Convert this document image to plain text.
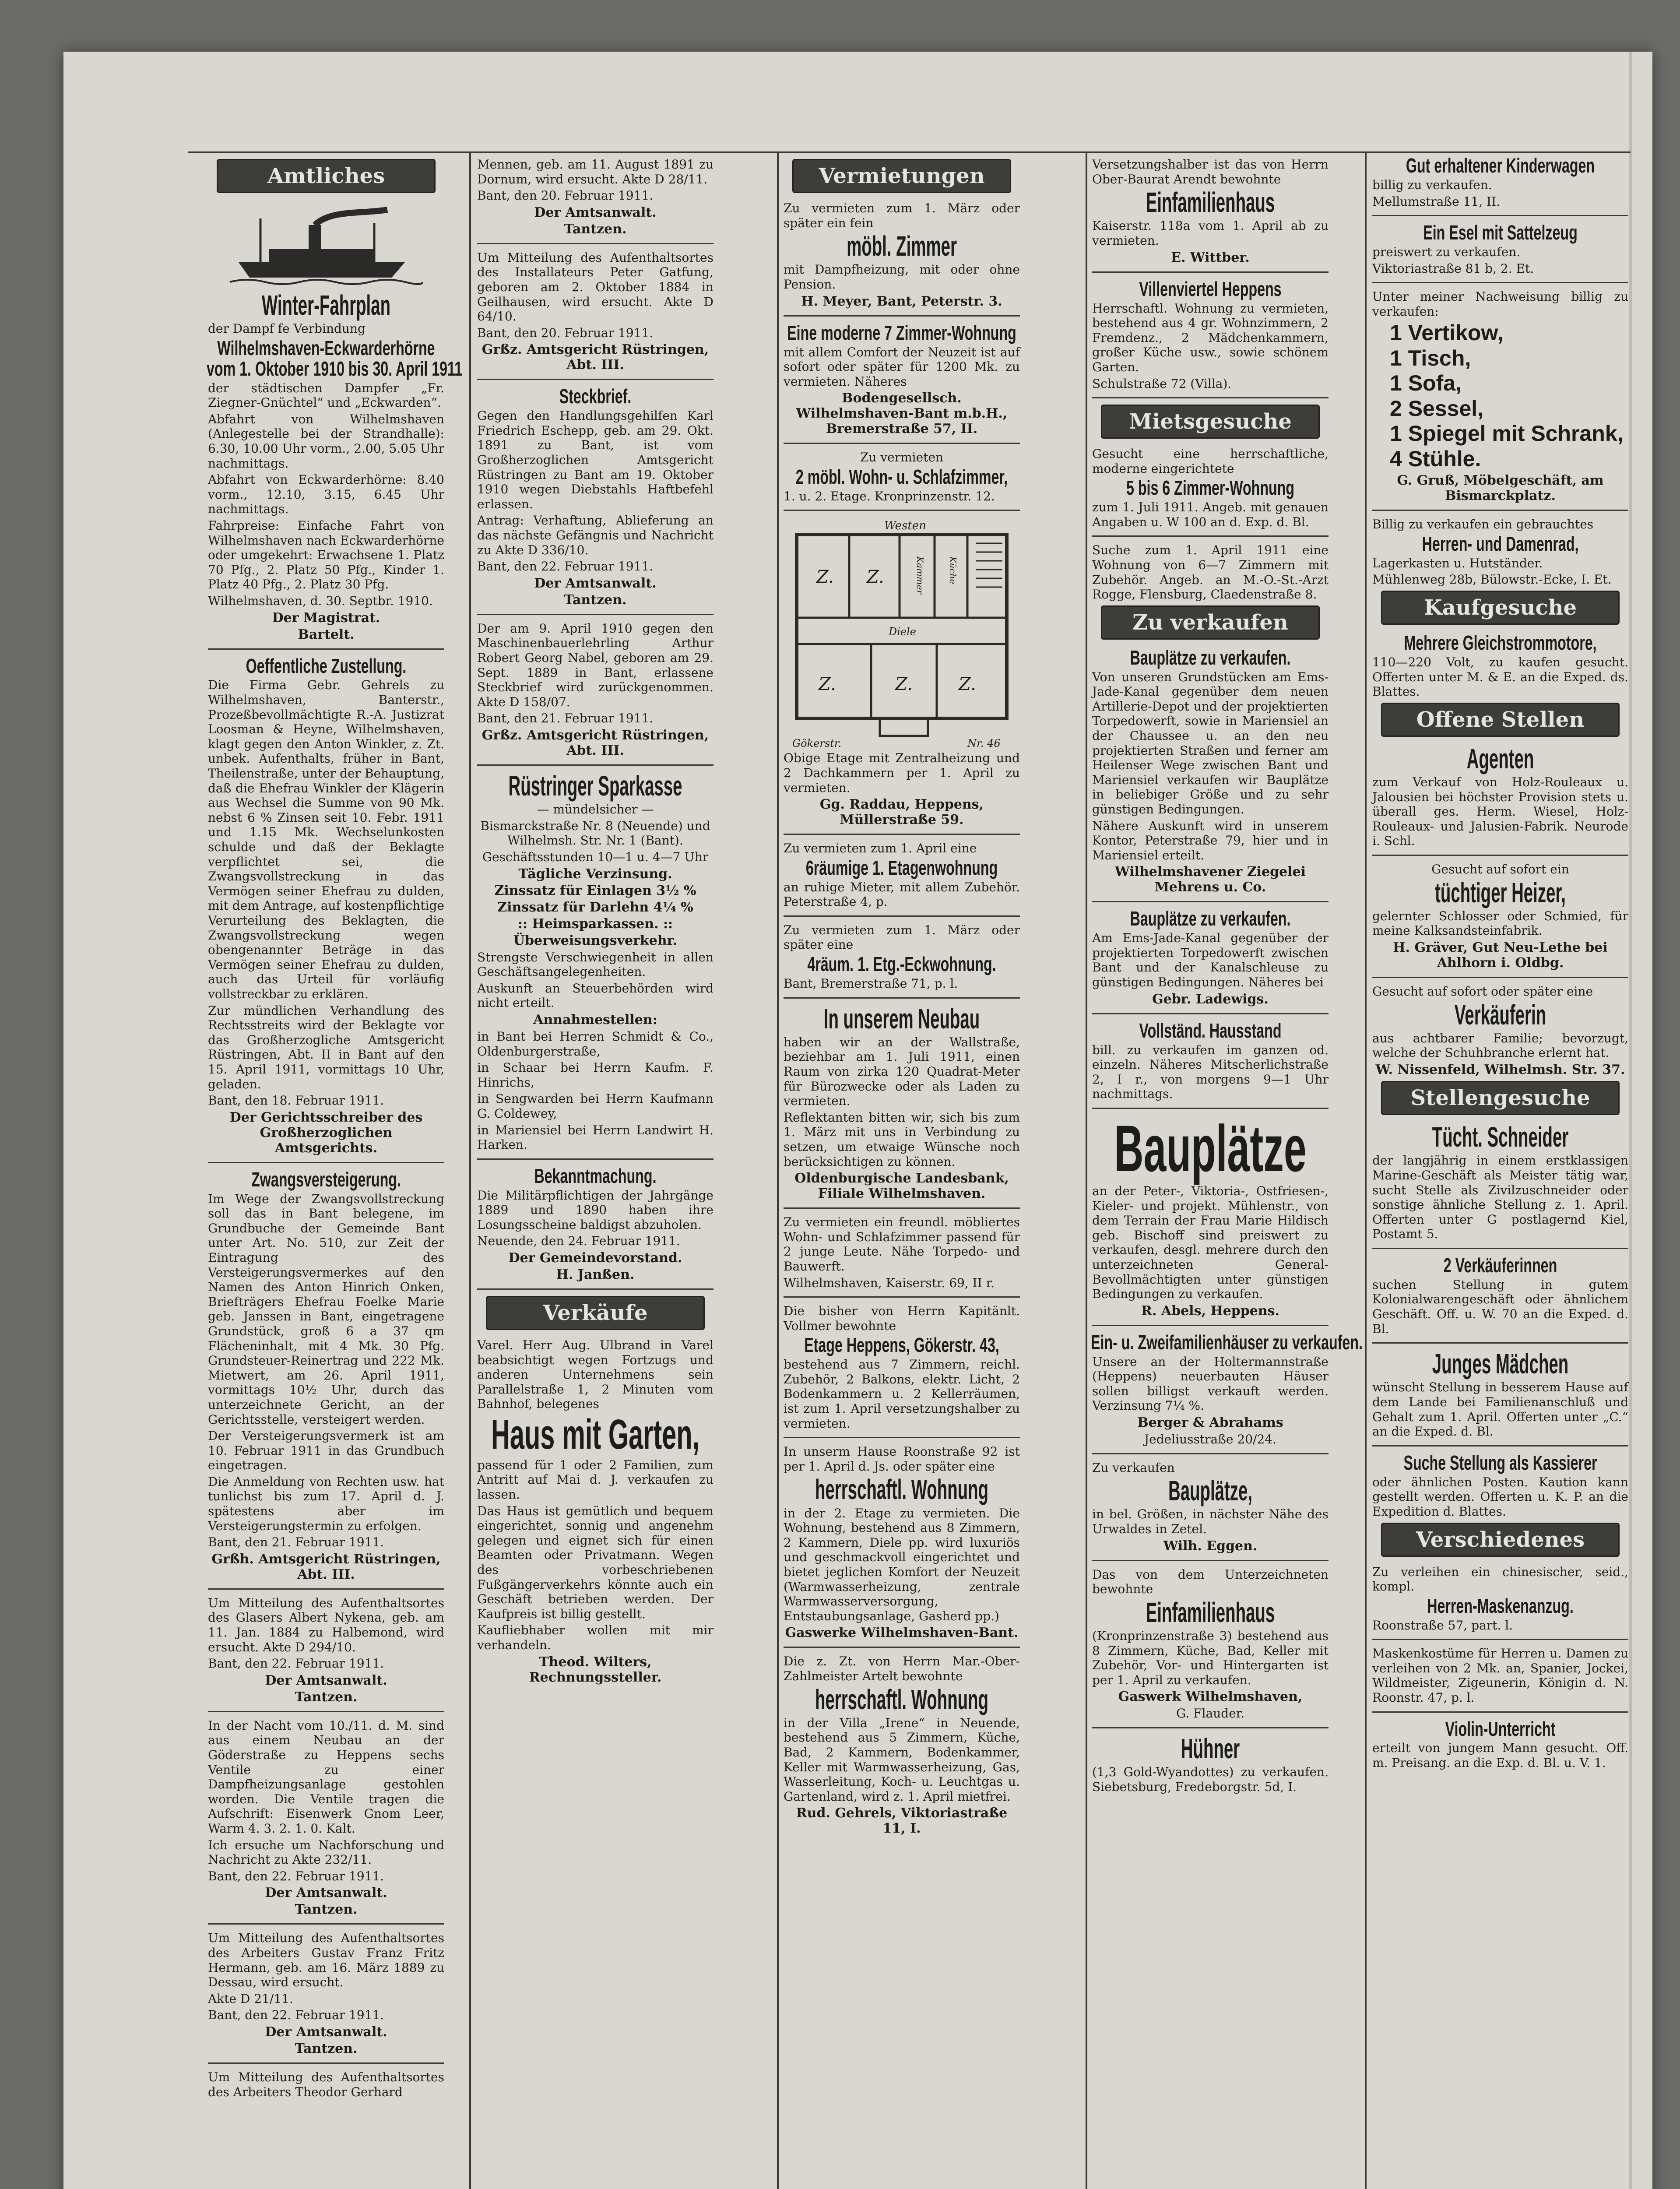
Amtliches
Winter-Fahrplan
der Dampf fe Verbindung
Wilhelmshaven-Eckwarderhörne
vom 1. Oktober 1910 bis 30. April 1911
der städtischen Dampfer „Fr. Ziegner-Gnüchtel“ und „Eckwarden“.
Abfahrt von Wilhelmshaven (Anlegestelle bei der Strandhalle): 6.30, 10.00 Uhr vorm., 2.00, 5.05 Uhr nachmittags.
Abfahrt von Eckwarderhörne: 8.40 vorm., 12.10, 3.15, 6.45 Uhr nachmittags.
Fahrpreise: Einfache Fahrt von Wilhelmshaven nach Eckwarderhörne oder umgekehrt: Erwachsene 1. Platz 70 Pfg., 2. Platz 50 Pfg., Kinder 1. Platz 40 Pfg., 2. Platz 30 Pfg.
Wilhelmshaven, d. 30. Septbr. 1910.
Der Magistrat.
Bartelt.
Oeffentliche Zustellung.
Die Firma Gebr. Gehrels zu Wilhelmshaven, Banterstr., Prozeßbevollmächtigte R.-A. Justizrat Loosman & Heyne, Wilhelmshaven, klagt gegen den Anton Winkler, z. Zt. unbek. Aufenthalts, früher in Bant, Theilenstraße, unter der Behauptung, daß die Ehefrau Winkler der Klägerin aus Wechsel die Summe von 90 Mk. nebst 6 % Zinsen seit 10. Febr. 1911 und 1.15 Mk. Wechselunkosten schulde und daß der Beklagte verpflichtet sei, die Zwangsvollstreckung in das Vermögen seiner Ehefrau zu dulden, mit dem Antrage, auf kostenpflichtige Verurteilung des Beklagten, die Zwangsvollstreckung wegen obengenannter Beträge in das Vermögen seiner Ehefrau zu dulden, auch das Urteil für vorläufig vollstreckbar zu erklären.
Zur mündlichen Verhandlung des Rechtsstreits wird der Beklagte vor das Großherzogliche Amtsgericht Rüstringen, Abt. II in Bant auf den 15. April 1911, vormittags 10 Uhr, geladen.
Bant, den 18. Februar 1911.
Der Gerichtsschreiber des Großherzoglichen Amtsgerichts.
Zwangsversteigerung.
Im Wege der Zwangsvollstreckung soll das in Bant belegene, im Grundbuche der Gemeinde Bant unter Art. No. 510, zur Zeit der Eintragung des Versteigerungsvermerkes auf den Namen des Anton Hinrich Onken, Briefträgers Ehefrau Foelke Marie geb. Janssen in Bant, eingetragene Grundstück, groß 6 a 37 qm Flächeninhalt, mit 4 Mk. 30 Pfg. Grundsteuer-Reinertrag und 222 Mk. Mietwert, am 26. April 1911, vormittags 10½ Uhr, durch das unterzeichnete Gericht, an der Gerichtsstelle, versteigert werden.
Der Versteigerungsvermerk ist am 10. Februar 1911 in das Grundbuch eingetragen.
Die Anmeldung von Rechten usw. hat tunlichst bis zum 17. April d. J. spätestens aber im Versteigerungstermin zu erfolgen.
Bant, den 21. Februar 1911.
Grßh. Amtsgericht Rüstringen, Abt. III.
Um Mitteilung des Aufenthaltsortes des Glasers Albert Nykena, geb. am 11. Jan. 1884 zu Halbemond, wird ersucht. Akte D 294/10.
Bant, den 22. Februar 1911.
Der Amtsanwalt.
Tantzen.
In der Nacht vom 10./11. d. M. sind aus einem Neubau an der Göderstraße zu Heppens sechs Ventile zu einer Dampfheizungsanlage gestohlen worden. Die Ventile tragen die Aufschrift: Eisenwerk Gnom Leer, Warm 4. 3. 2. 1. 0. Kalt.
Ich ersuche um Nachforschung und Nachricht zu Akte 232/11.
Bant, den 22. Februar 1911.
Der Amtsanwalt.
Tantzen.
Um Mitteilung des Aufenthaltsortes des Arbeiters Gustav Franz Fritz Hermann, geb. am 16. März 1889 zu Dessau, wird ersucht.
Akte D 21/11.
Bant, den 22. Februar 1911.
Der Amtsanwalt.
Tantzen.
Um Mitteilung des Aufenthaltsortes des Arbeiters Theodor Gerhard
Mennen, geb. am 11. August 1891 zu Dornum, wird ersucht. Akte D 28/11.
Bant, den 20. Februar 1911.
Der Amtsanwalt.
Tantzen.
Um Mitteilung des Aufenthaltsortes des Installateurs Peter Gatfung, geboren am 2. Oktober 1884 in Geilhausen, wird ersucht. Akte D 64/10.
Bant, den 20. Februar 1911.
Grßz. Amtsgericht Rüstringen, Abt. III.
Steckbrief.
Gegen den Handlungsgehilfen Karl Friedrich Eschepp, geb. am 29. Okt. 1891 zu Bant, ist vom Großherzoglichen Amtsgericht Rüstringen zu Bant am 19. Oktober 1910 wegen Diebstahls Haftbefehl erlassen.
Antrag: Verhaftung, Ablieferung an das nächste Gefängnis und Nachricht zu Akte D 336/10.
Bant, den 22. Februar 1911.
Der Amtsanwalt.
Tantzen.
Der am 9. April 1910 gegen den Maschinenbauerlehrling Arthur Robert Georg Nabel, geboren am 29. Sept. 1889 in Bant, erlassene Steckbrief wird zurückgenommen. Akte D 158/07.
Bant, den 21. Februar 1911.
Grßz. Amtsgericht Rüstringen, Abt. III.
Rüstringer Sparkasse
— mündelsicher —
Bismarckstraße Nr. 8 (Neuende) und Wilhelmsh. Str. Nr. 1 (Bant).
Geschäftsstunden 10—1 u. 4—7 Uhr
Tägliche Verzinsung.
Zinssatz für Einlagen 3½ %
Zinssatz für Darlehn 4¼ %
:: Heimsparkassen. ::
Überweisungsverkehr.
Strengste Verschwiegenheit in allen Geschäftsangelegenheiten.
Auskunft an Steuerbehörden wird nicht erteilt.
Annahmestellen:
in Bant bei Herren Schmidt & Co., Oldenburgerstraße,
in Schaar bei Herrn Kaufm. F. Hinrichs,
in Sengwarden bei Herrn Kaufmann G. Coldewey,
in Mariensiel bei Herrn Landwirt H. Harken.
Bekanntmachung.
Die Militärpflichtigen der Jahrgänge 1889 und 1890 haben ihre Losungsscheine baldigst abzuholen.
Neuende, den 24. Februar 1911.
Der Gemeindevorstand.
H. Janßen.
Verkäufe
Varel. Herr Aug. Ulbrand in Varel beabsichtigt wegen Fortzugs und anderen Unternehmens sein Parallelstraße 1, 2 Minuten vom Bahnhof, belegenes
Haus mit Garten,
passend für 1 oder 2 Familien, zum Antritt auf Mai d. J. verkaufen zu lassen.
Das Haus ist gemütlich und bequem eingerichtet, sonnig und angenehm gelegen und eignet sich für einen Beamten oder Privatmann. Wegen des vorbeschriebenen Fußgängerverkehrs könnte auch ein Geschäft betrieben werden. Der Kaufpreis ist billig gestellt.
Kaufliebhaber wollen mit mir verhandeln.
Theod. Wilters, Rechnungssteller.
Vermietungen
Zu vermieten zum 1. März oder später ein fein
möbl. Zimmer
mit Dampfheizung, mit oder ohne Pension.
H. Meyer, Bant, Peterstr. 3.
Eine moderne 7 Zimmer-Wohnung
mit allem Comfort der Neuzeit ist auf sofort oder später für 1200 Mk. zu vermieten. Näheres
Bodengesellsch. Wilhelmshaven-Bant m.b.H., Bremerstraße 57, II.
Zu vermieten
2 möbl. Wohn- u. Schlafzimmer,
1. u. 2. Etage. Kronprinzenstr. 12.
Z. Z.
Z.	Z.	Z.
Westen
Kammer	Küche
Diele
Gökerstr.	Nr. 46
Obige Etage mit Zentralheizung und 2 Dachkammern per 1. April zu vermieten.
Gg. Raddau, Heppens, Müllerstraße 59.
Zu vermieten zum 1. April eine
6räumige 1. Etagenwohnung
an ruhige Mieter, mit allem Zubehör. Peterstraße 4, p.
Zu vermieten zum 1. März oder später eine
4räum. 1. Etg.-Eckwohnung.
Bant, Bremerstraße 71, p. l.
In unserem Neubau
haben wir an der Wallstraße, beziehbar am 1. Juli 1911, einen Raum von zirka 120 Quadrat-Meter für Bürozwecke oder als Laden zu vermieten.
Reflektanten bitten wir, sich bis zum 1. März mit uns in Verbindung zu setzen, um etwaige Wünsche noch berücksichtigen zu können.
Oldenburgische Landesbank, Filiale Wilhelmshaven.
Zu vermieten ein freundl. möbliertes Wohn- und Schlafzimmer passend für 2 junge Leute. Nähe Torpedo- und Bauwerft.
Wilhelmshaven, Kaiserstr. 69, II r.
Die bisher von Herrn Kapitänlt. Vollmer bewohnte
Etage Heppens, Gökerstr. 43,
bestehend aus 7 Zimmern, reichl. Zubehör, 2 Balkons, elektr. Licht, 2 Bodenkammern u. 2 Kellerräumen, ist zum 1. April versetzungshalber zu vermieten.
In unserm Hause Roonstraße 92 ist per 1. April d. Js. oder später eine
herrschaftl. Wohnung
in der 2. Etage zu vermieten. Die Wohnung, bestehend aus 8 Zimmern, 2 Kammern, Diele pp. wird luxuriös und geschmackvoll eingerichtet und bietet jeglichen Komfort der Neuzeit (Warmwasserheizung, zentrale Warmwasserversorgung, Entstaubungsanlage, Gasherd pp.)
Gaswerke Wilhelmshaven-Bant.
Die z. Zt. von Herrn Mar.-Ober-Zahlmeister Artelt bewohnte
herrschaftl. Wohnung
in der Villa „Irene“ in Neuende, bestehend aus 5 Zimmern, Küche, Bad, 2 Kammern, Bodenkammer, Keller mit Warmwasserheizung, Gas, Wasserleitung, Koch- u. Leuchtgas u. Gartenland, wird z. 1. April mietfrei.
Rud. Gehrels, Viktoriastraße 11, I.
Versetzungshalber ist das von Herrn Ober-Baurat Arendt bewohnte
Einfamilienhaus
Kaiserstr. 118a vom 1. April ab zu vermieten.
E. Wittber.
Villenviertel Heppens
Herrschaftl. Wohnung zu vermieten, bestehend aus 4 gr. Wohnzimmern, 2 Fremdenz., 2 Mädchenkammern, großer Küche usw., sowie schönem Garten.
Schulstraße 72 (Villa).
Mietsgesuche
Gesucht eine herrschaftliche, moderne eingerichtete
5 bis 6 Zimmer-Wohnung
zum 1. Juli 1911. Angeb. mit genauen Angaben u. W 100 an d. Exp. d. Bl.
Suche zum 1. April 1911 eine Wohnung von 6—7 Zimmern mit Zubehör. Angeb. an M.-O.-St.-Arzt Rogge, Flensburg, Claedenstraße 8.
Zu verkaufen
Bauplätze zu verkaufen.
Von unseren Grundstücken am Ems-Jade-Kanal gegenüber dem neuen Artillerie-Depot und der projektierten Torpedowerft, sowie in Mariensiel an der Chaussee u. an den neu projektierten Straßen und ferner am Heilenser Wege zwischen Bant und Mariensiel verkaufen wir Bauplätze in beliebiger Größe und zu sehr günstigen Bedingungen.
Nähere Auskunft wird in unserem Kontor, Peterstraße 79, hier und in Mariensiel erteilt.
Wilhelmshavener Ziegelei Mehrens u. Co.
Bauplätze zu verkaufen.
Am Ems-Jade-Kanal gegenüber der projektierten Torpedowerft zwischen Bant und der Kanalschleuse zu günstigen Bedingungen. Näheres bei
Gebr. Ladewigs.
Vollständ. Hausstand
bill. zu verkaufen im ganzen od. einzeln. Näheres Mitscherlichstraße 2, I r., von morgens 9—1 Uhr nachmittags.
Bauplätze
an der Peter-, Viktoria-, Ostfriesen-, Kieler- und projekt. Mühlenstr., von dem Terrain der Frau Marie Hildisch geb. Bischoff sind preiswert zu verkaufen, desgl. mehrere durch den unterzeichneten General-Bevollmächtigten unter günstigen Bedingungen zu verkaufen.
R. Abels, Heppens.
Ein- u. Zweifamilienhäuser zu verkaufen.
Unsere an der Holtermannstraße (Heppens) neuerbauten Häuser sollen billigst verkauft werden. Verzinsung 7¼ %.
Berger & Abrahams
Jedeliusstraße 20/24.
Zu verkaufen
Bauplätze,
in bel. Größen, in nächster Nähe des Urwaldes in Zetel.
Wilh. Eggen.
Das von dem Unterzeichneten bewohnte
Einfamilienhaus
(Kronprinzenstraße 3) bestehend aus 8 Zimmern, Küche, Bad, Keller mit Zubehör, Vor- und Hintergarten ist per 1. April zu verkaufen.
Gaswerk Wilhelmshaven,
G. Flauder.
Hühner
(1,3 Gold-Wyandottes) zu verkaufen. Siebetsburg, Fredeborgstr. 5d, I.
Gut erhaltener Kinderwagen
billig zu verkaufen.
Mellumstraße 11, II.
Ein Esel mit Sattelzeug
preiswert zu verkaufen.
Viktoriastraße 81 b, 2. Et.
Unter meiner Nachweisung billig zu verkaufen:
1 Vertikow,
1 Tisch,
1 Sofa,
2 Sessel,
1 Spiegel mit Schrank,
4 Stühle.
G. Gruß, Möbelgeschäft, am Bismarckplatz.
Billig zu verkaufen ein gebrauchtes
Herren- und Damenrad,
Lagerkasten u. Hutständer.
Mühlenweg 28b, Bülowstr.-Ecke, I. Et.
Kaufgesuche
Mehrere Gleichstrommotore,
110—220 Volt, zu kaufen gesucht. Offerten unter M. & E. an die Exped. ds. Blattes.
Offene Stellen
Agenten
zum Verkauf von Holz-Rouleaux u. Jalousien bei höchster Provision stets u. überall ges. Herm. Wiesel, Holz-Rouleaux- und Jalusien-Fabrik. Neurode i. Schl.
Gesucht auf sofort ein
tüchtiger Heizer,
gelernter Schlosser oder Schmied, für meine Kalksandsteinfabrik.
H. Gräver, Gut Neu-Lethe bei Ahlhorn i. Oldbg.
Gesucht auf sofort oder später eine
Verkäuferin
aus achtbarer Familie; bevorzugt, welche der Schuhbranche erlernt hat.
W. Nissenfeld, Wilhelmsh. Str. 37.
Stellengesuche
Tücht. Schneider
der langjährig in einem erstklassigen Marine-Geschäft als Meister tätig war, sucht Stelle als Zivilzuschneider oder sonstige ähnliche Stellung z. 1. April. Offerten unter G postlagernd Kiel, Postamt 5.
2 Verkäuferinnen
suchen Stellung in gutem Kolonialwarengeschäft oder ähnlichem Geschäft. Off. u. W. 70 an die Exped. d. Bl.
Junges Mädchen
wünscht Stellung in besserem Hause auf dem Lande bei Familienanschluß und Gehalt zum 1. April. Offerten unter „C.“ an die Exped. d. Bl.
Suche Stellung als Kassierer
oder ähnlichen Posten. Kaution kann gestellt werden. Offerten u. K. P. an die Expedition d. Blattes.
Verschiedenes
Zu verleihen ein chinesischer, seid., kompl.
Herren-Maskenanzug.
Roonstraße 57, part. l.
Maskenkostüme für Herren u. Damen zu verleihen von 2 Mk. an, Spanier, Jockei, Wildmeister, Zigeunerin, Königin d. N. Roonstr. 47, p. l.
Violin-Unterricht
erteilt von jungem Mann gesucht. Off. m. Preisang. an die Exp. d. Bl. u. V. 1.
